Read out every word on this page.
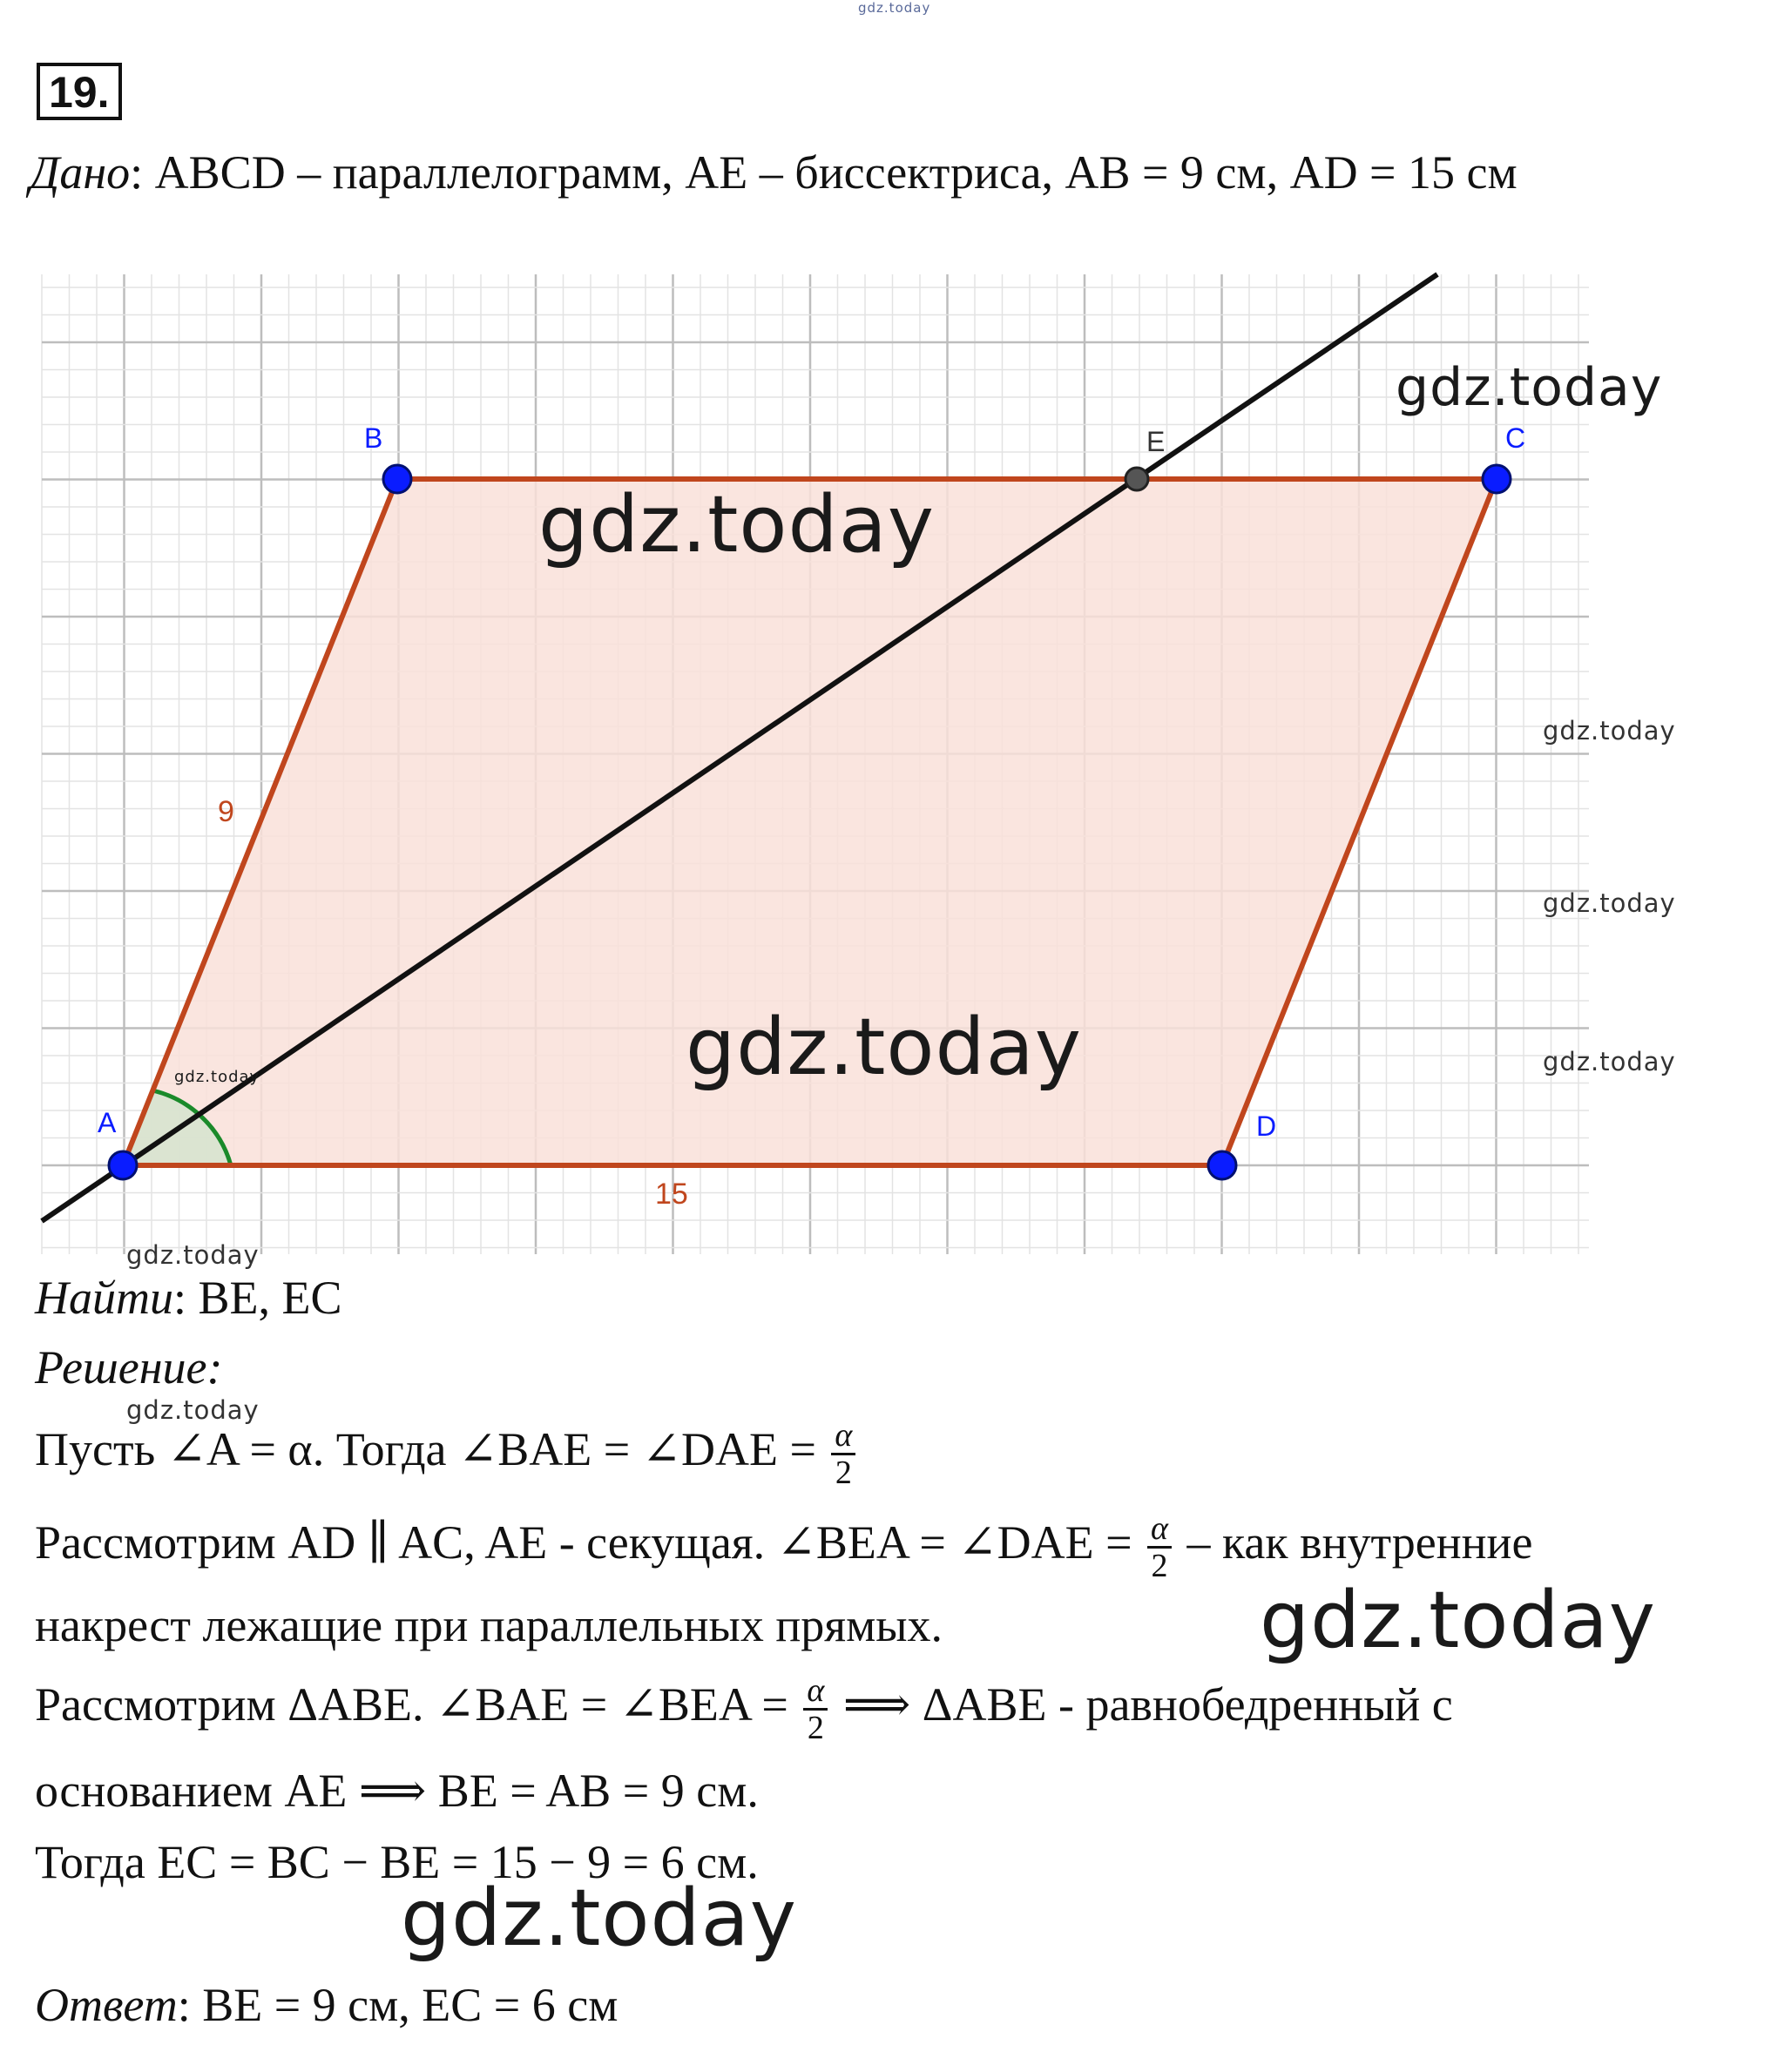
gdz.today
19.
Дано: ABCD – параллелограмм, AE – биссектриса, AB = 9 см, AD = 15 см
9
15
A
B	C
D
E
gdz.today
gdz.today
gdz.today
gdz.today
gdz.today
gdz.today
gdz.today
gdz.today
Найти: BE, EC
Решение:
gdz.today
Пусть ∠A = α. Тогда ∠BAE = ∠DAE = $\frac{\alpha}{2}$
Рассмотрим AD ∥ AC, AE - секущая. ∠BEA = ∠DAE = $\frac{\alpha}{2}$ – как внутренние
накрест лежащие при параллельных прямых.	gdz.today
Рассмотрим ΔABE. ∠BAE = ∠BEA = $\frac{\alpha}{2}$ ⟹ ΔABE - равнобедренный с
основанием AE ⟹ BE = AB = 9 см.
Тогда EC = BC − BE = 15 − 9 = 6 см.
gdz.today
Ответ: BE = 9 см, EC = 6 см
